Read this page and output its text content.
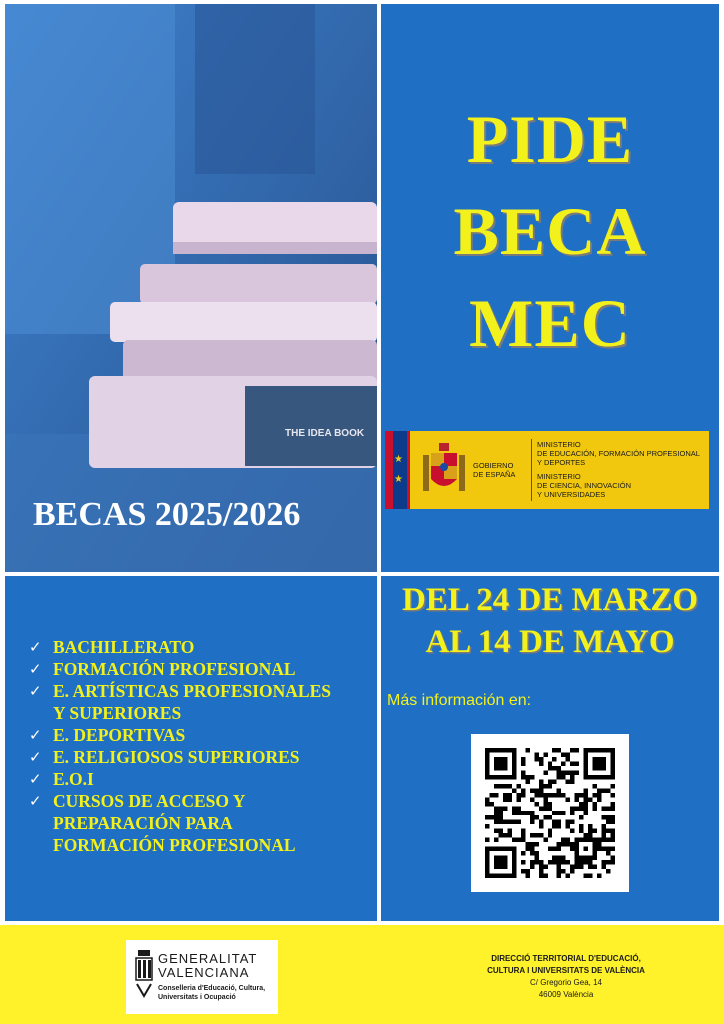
THE IDEA BOOK
BECAS 2025/2026
PIDE
BECA
MEC
★
★
GOBIERNO
DE ESPAÑA
MINISTERIO
DE EDUCACIÓN, FORMACIÓN PROFESIONAL
Y DEPORTES
MINISTERIO
DE CIENCIA, INNOVACIÓN
Y UNIVERSIDADES
✓ BACHILLERATO
✓ FORMACIÓN PROFESIONAL
✓ E. ARTÍSTICAS PROFESIONALES
Y SUPERIORES
✓ E. DEPORTIVAS
✓ E. RELIGIOSOS SUPERIORES
✓ E.O.I
✓ CURSOS DE ACCESO Y
PREPARACIÓN PARA
FORMACIÓN PROFESIONAL
DEL 24 DE MARZO
AL 14 DE MAYO
Más información en:
GENERALITAT
VALENCIANA
Conselleria d'Educació, Cultura,
Universitats i Ocupació
DIRECCIÓ TERRITORIAL D'EDUCACIÓ,
CULTURA I UNIVERSITATS DE VALÈNCIA
C/ Gregorio Gea, 14
46009 València
